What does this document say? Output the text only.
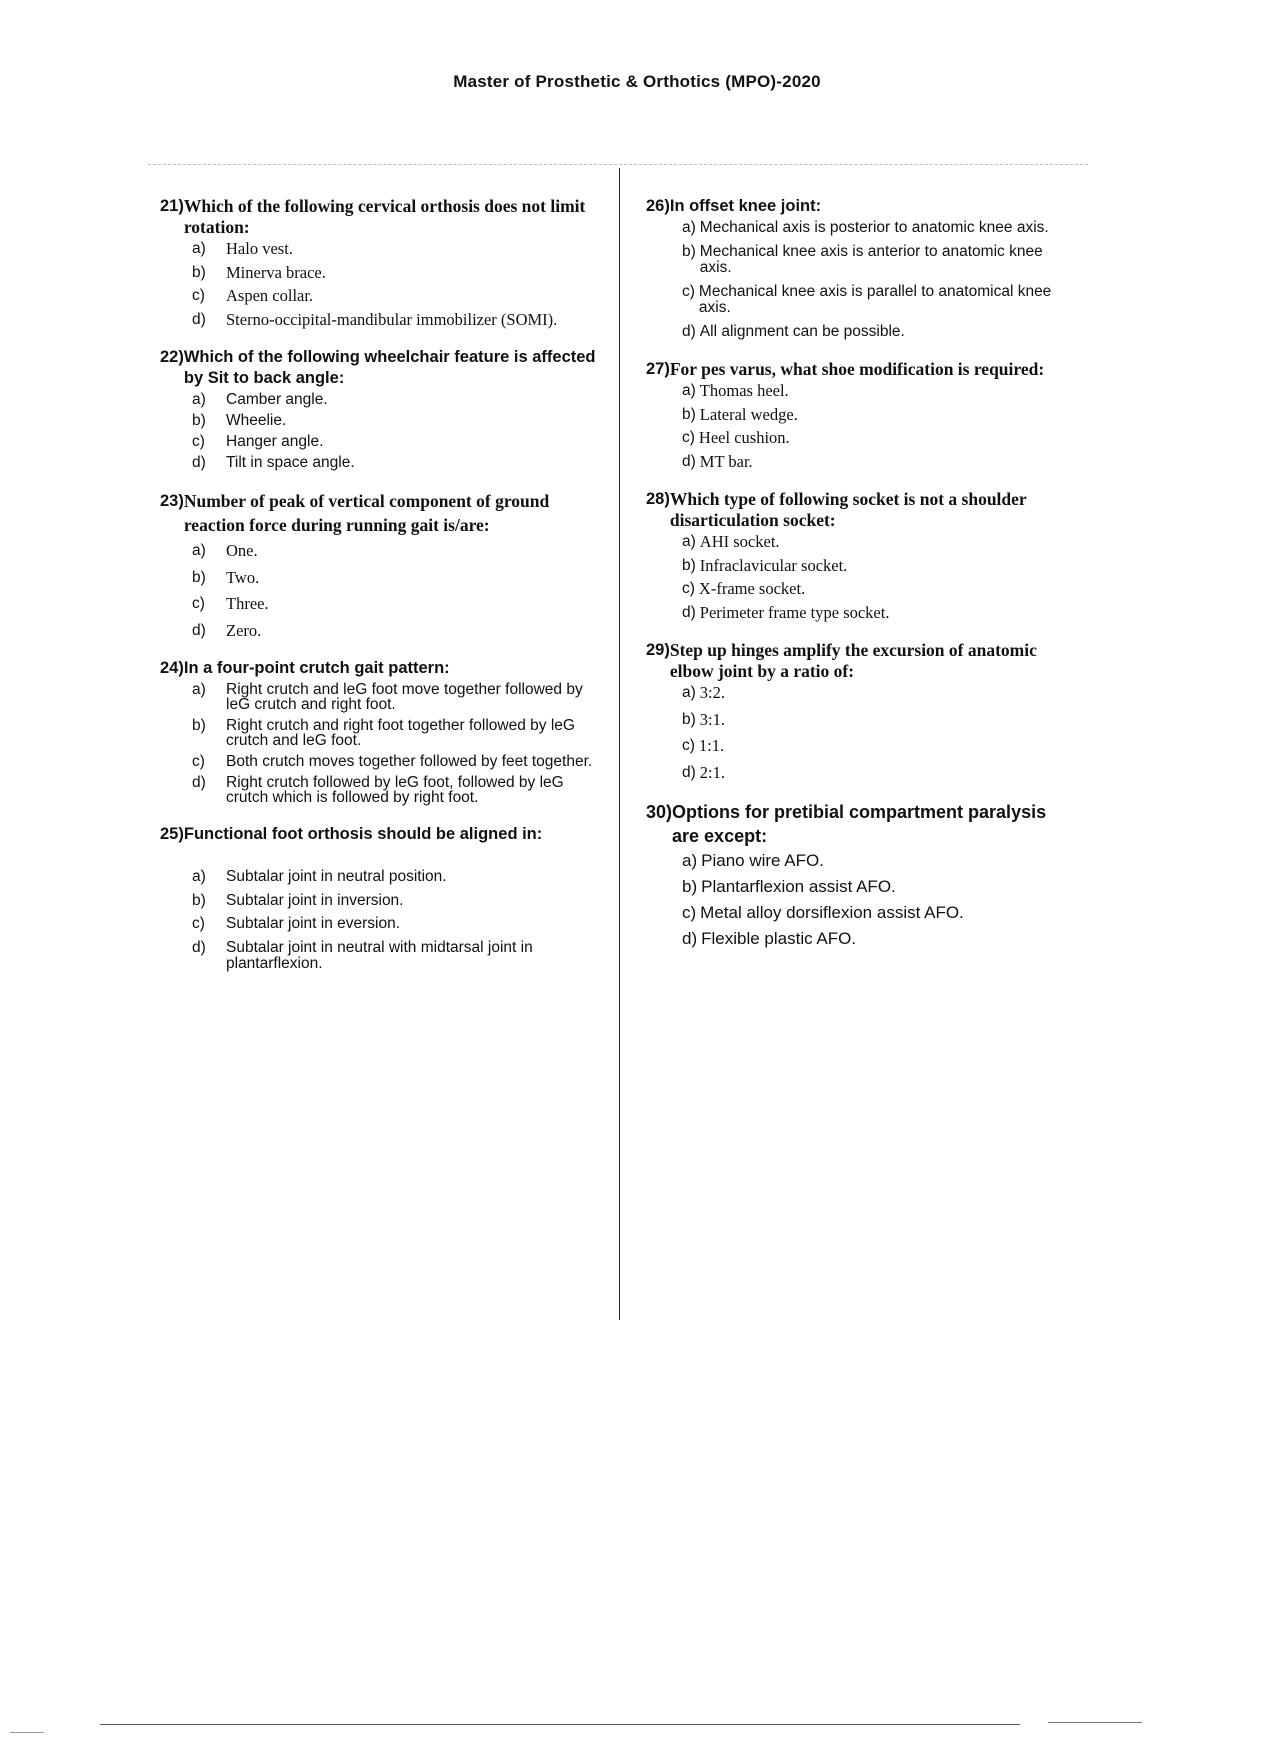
Master of Prosthetic & Orthotics (MPO)-2020
21) Which of the following cervical orthosis does not limit rotation:
a)	Halo vest.
b)	Minerva brace.
c)	Aspen collar.
d)	Sterno-occipital-mandibular immobilizer (SOMI).
22) Which of the following wheelchair feature is affected by Sit to back angle:
a)	Camber angle.
b)	Wheelie.
c)	Hanger angle.
d)	Tilt in space angle.
23) Number of peak of vertical component of ground reaction force during running gait is/are:
a)	One.
b)	Two.
c)	Three.
d)	Zero.
24) In a four-point crutch gait pattern:
a)	Right crutch and leG foot move together followed by leG crutch and right foot.
b)	Right crutch and right foot together followed by leG crutch and leG foot.
c)	Both crutch moves together followed by feet together.
d)	Right crutch followed by leG foot, followed by leG crutch which is followed by right foot.
25) Functional foot orthosis should be aligned in:
a)	Subtalar joint in neutral position.
b)	Subtalar joint in inversion.
c)	Subtalar joint in eversion.
d)	Subtalar joint in neutral with midtarsal joint in plantarflexion.
26) In offset knee joint:
a) Mechanical axis is posterior to anatomic knee axis.
b) Mechanical knee axis is anterior to anatomic knee axis.
c) Mechanical knee axis is parallel to anatomical knee axis.
d) All alignment can be possible.
27) For pes varus, what shoe modification is required:
a) Thomas heel.
b) Lateral wedge.
c) Heel cushion.
d) MT bar.
28) Which type of following socket is not a shoulder disarticulation socket:
a) AHI socket.
b) Infraclavicular socket.
c) X-frame socket.
d) Perimeter frame type socket.
29) Step up hinges amplify the excursion of anatomic elbow joint by a ratio of:
a) 3:2.
b) 3:1.
c) 1:1.
d) 2:1.
30) Options for pretibial compartment paralysis are except:
a) Piano wire AFO.
b) Plantarflexion assist AFO.
c) Metal alloy dorsiflexion assist AFO.
d) Flexible plastic AFO.
